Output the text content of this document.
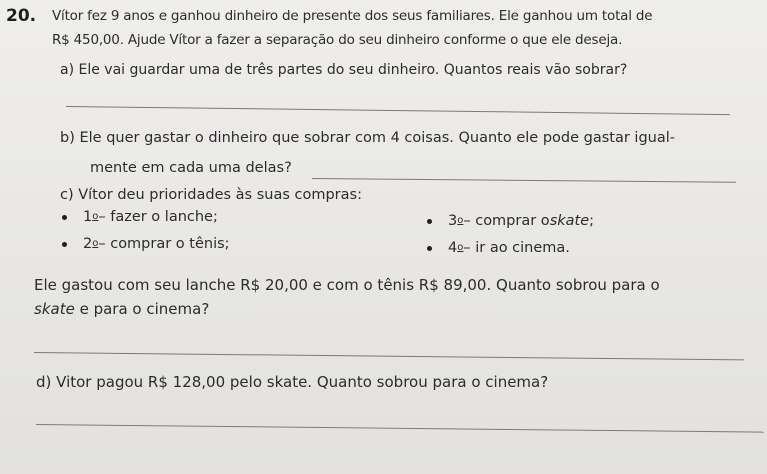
20. Vítor fez 9 anos e ganhou dinheiro de presente dos seus familiares. Ele ganhou um total de
R$ 450,00. Ajude Vítor a fazer a separação do seu dinheiro conforme o que ele deseja.
a) Ele vai guardar uma de três partes do seu dinheiro. Quantos reais vão sobrar?
b) Ele quer gastar o dinheiro que sobrar com 4 coisas. Quanto ele pode gastar igual-
mente em cada uma delas?
c) Vítor deu prioridades às suas compras:
1 o – fazer o lanche;
2 o – comprar o tênis;
3 o – comprar o skate ;
4 o – ir ao cinema.
Ele gastou com seu lanche R$ 20,00 e com o tênis R$ 89,00. Quanto sobrou para o
skate e para o cinema?
d) Vitor pagou R$ 128,00 pelo skate. Quanto sobrou para o cinema?
